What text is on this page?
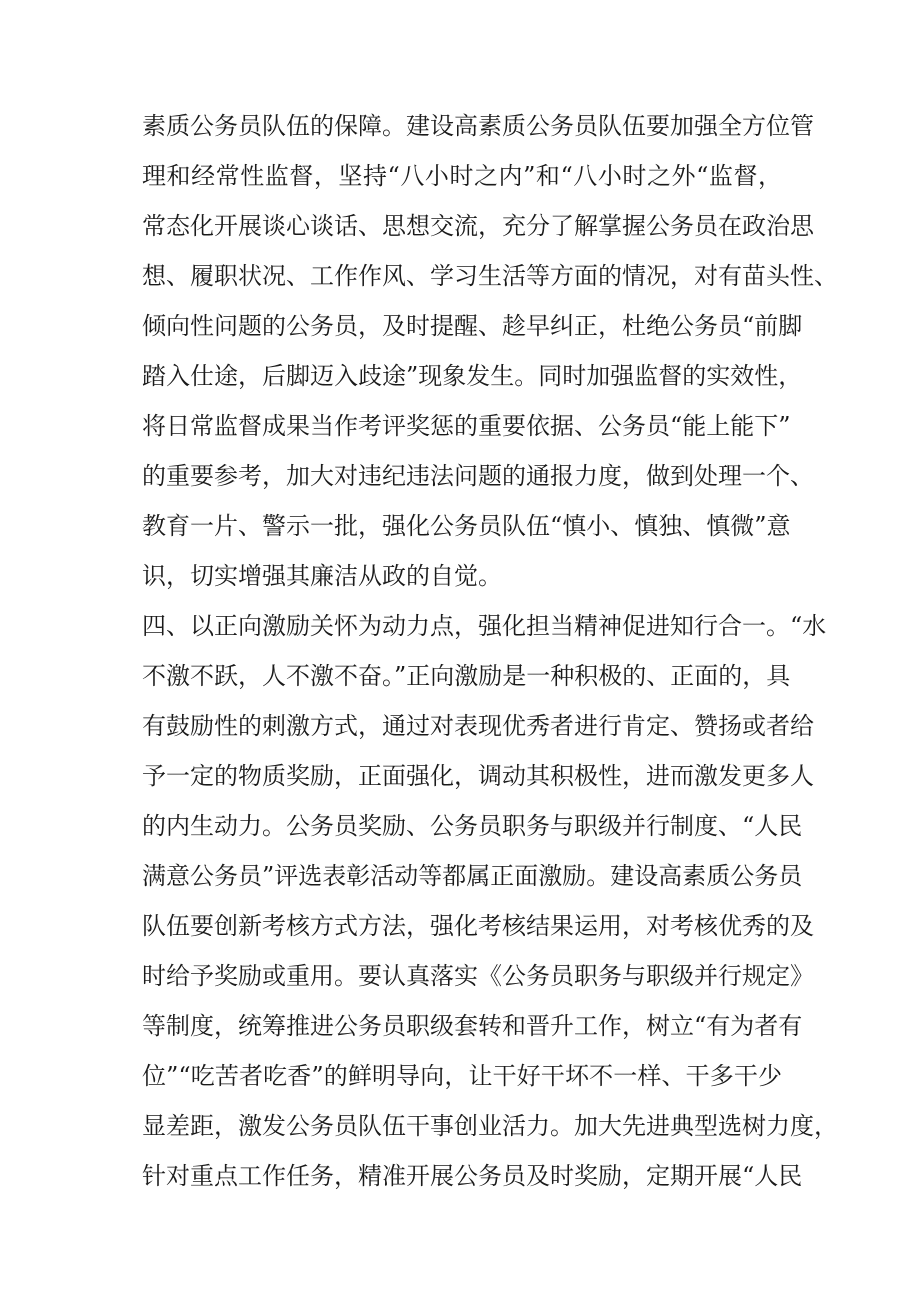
素质公务员队伍的保障。建设高素质公务员队伍要加强全方位管
理和经常性监督，坚持“八小时之内”和“八小时之外“监督，
常态化开展谈心谈话、思想交流，充分了解掌握公务员在政治思
想、履职状况、工作作风、学习生活等方面的情况，对有苗头性、
倾向性问题的公务员，及时提醒、趁早纠正，杜绝公务员“前脚
踏入仕途，后脚迈入歧途”现象发生。同时加强监督的实效性，
将日常监督成果当作考评奖惩的重要依据、公务员“能上能下”
的重要参考，加大对违纪违法问题的通报力度，做到处理一个、
教育一片、警示一批，强化公务员队伍“慎小、慎独、慎微”意
识，切实增强其廉洁从政的自觉。
四、以正向激励关怀为动力点，强化担当精神促进知行合一。“水
不激不跃，人不激不奋。”正向激励是一种积极的、正面的，具
有鼓励性的刺激方式，通过对表现优秀者进行肯定、赞扬或者给
予一定的物质奖励，正面强化，调动其积极性，进而激发更多人
的内生动力。公务员奖励、公务员职务与职级并行制度、“人民
满意公务员”评选表彰活动等都属正面激励。建设高素质公务员
队伍要创新考核方式方法，强化考核结果运用，对考核优秀的及
时给予奖励或重用。要认真落实《公务员职务与职级并行规定》
等制度，统筹推进公务员职级套转和晋升工作，树立“有为者有
位”“吃苦者吃香”的鲜明导向，让干好干坏不一样、干多干少
显差距，激发公务员队伍干事创业活力。加大先进典型选树力度，
针对重点工作任务，精准开展公务员及时奖励，定期开展“人民
